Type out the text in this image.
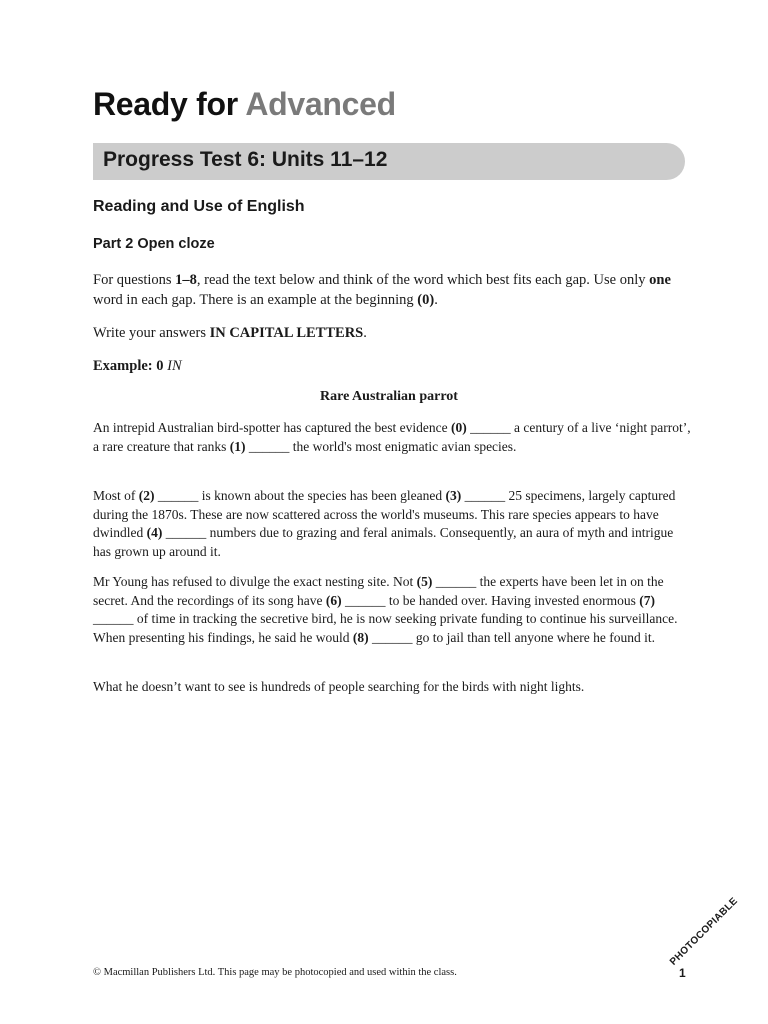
Ready for Advanced
Progress Test 6: Units 11–12
Reading and Use of English
Part 2 Open cloze

For questions 1–8, read the text below and think of the word which best fits each gap. Use only one word in each gap. There is an example at the beginning (0).

Write your answers IN CAPITAL LETTERS.

Example: 0 IN

Rare Australian parrot

An intrepid Australian bird-spotter has captured the best evidence (0) ______ a century of a live ‘night parrot’, a rare creature that ranks (1) ______ the world's most enigmatic avian species.

Most of (2) ______ is known about the species has been gleaned (3) ______ 25 specimens, largely captured during the 1870s. These are now scattered across the world's museums. This rare species appears to have dwindled (4) ______ numbers due to grazing and feral animals. Consequently, an aura of myth and intrigue has grown up around it.

Mr Young has refused to divulge the exact nesting site. Not (5) ______ the experts have been let in on the secret. And the recordings of its song have (6) ______ to be handed over. Having invested enormous (7) ______ of time in tracking the secretive bird, he is now seeking private funding to continue his surveillance. When presenting his findings, he said he would (8) ______ go to jail than tell anyone where he found it.

What he doesn’t want to see is hundreds of people searching for the birds with night lights.

© Macmillan Publishers Ltd. This page may be photocopied and used within the class.	1
PHOTOCOPIABLE
